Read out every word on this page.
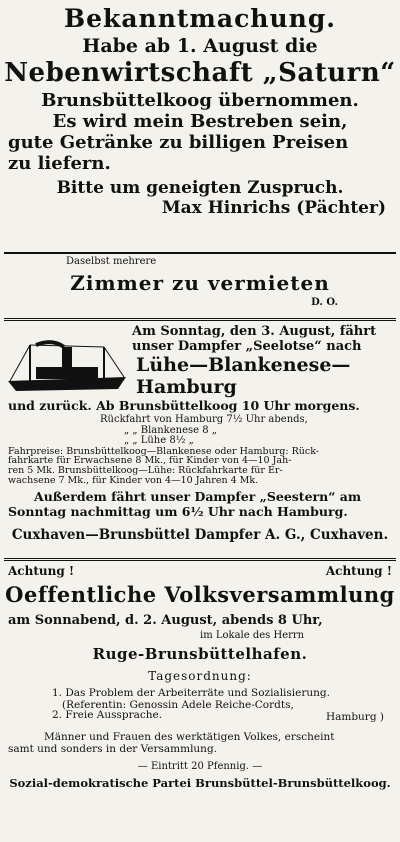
Bekanntmachung.
Habe ab 1. August die
Nebenwirtschaft „Saturn“
Brunsbüttelkoog übernommen.
Es wird mein Bestreben sein,
gute Getränke zu billigen Preisen
zu liefern.
Bitte um geneigten Zuspruch.
Max Hinrichs (Pächter)
Daselbst mehrere
Zimmer zu vermieten
D. O.
Am Sonntag, den 3. August, fährt
unser Dampfer „Seelotse“ nach
Lühe—Blankenese—Hamburg
und zurück. Ab Brunsbüttelkoog 10 Uhr morgens.
Rückfahrt von Hamburg 7½ Uhr abends,
„ „ Blankenese 8 „
„ „ Lühe 8½ „
Fahrpreise: Brunsbüttelkoog—Blankenese oder Hamburg: Rück-
fahrkarte für Erwachsene 8 Mk., für Kinder von 4—10 Jah-
ren 5 Mk. Brunsbüttelkoog—Lühe: Rückfahrkarte für Er-
wachsene 7 Mk., für Kinder von 4—10 Jahren 4 Mk.
Außerdem fährt unser Dampfer „Seestern“ am
Sonntag nachmittag um 6½ Uhr nach Hamburg.
Cuxhaven—Brunsbüttel Dampfer A. G., Cuxhaven.
Achtung !	Achtung !
Oeffentliche Volksversammlung
am Sonnabend, d. 2. August, abends 8 Uhr,
im Lokale des Herrn
Ruge-Brunsbüttelhafen.
Tagesordnung:
1. Das Problem der Arbeiterräte und Sozialisierung.
(Referentin: Genossin Adele Reiche-Cordts,
Hamburg )
2. Freie Aussprache.
Männer und Frauen des werktätigen Volkes, erscheint
samt und sonders in der Versammlung.
— Eintritt 20 Pfennig. —
Sozial-demokratische Partei Brunsbüttel-Brunsbüttelkoog.
